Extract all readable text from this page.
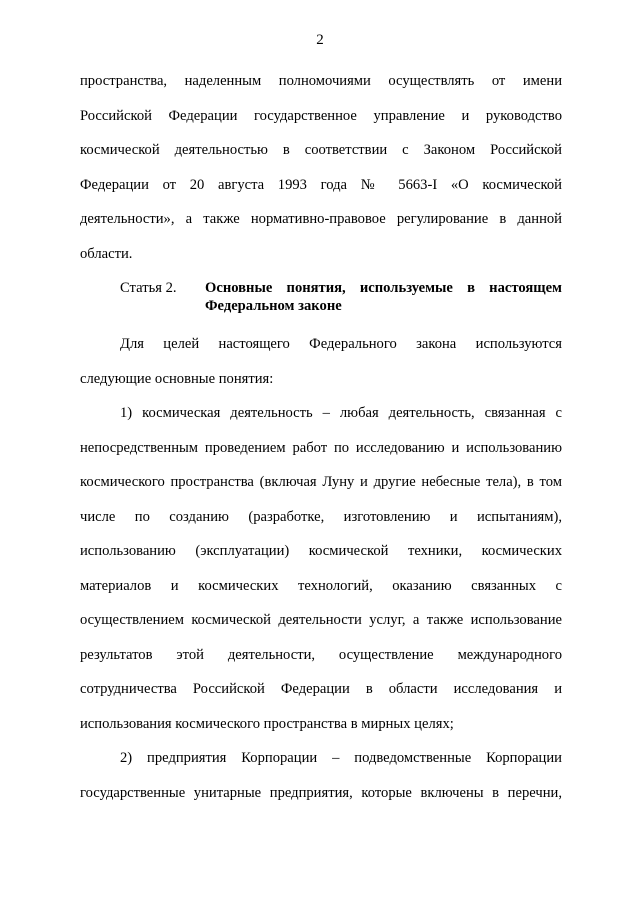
2

пространства, наделенным полномочиями осуществлять от имени

Российской Федерации государственное управление и руководство

космической деятельностью в соответствии с Законом Российской

Федерации от 20 августа 1993 года № 5663-I «О космической

деятельности», а также нормативно-правовое регулирование в данной

области.

Статья 2.	Основные понятия, используемые в настоящем Федеральном законе

Для целей настоящего Федерального закона используются

следующие основные понятия:

1) космическая деятельность – любая деятельность, связанная с

непосредственным проведением работ по исследованию и использованию

космического пространства (включая Луну и другие небесные тела), в том

числе по созданию (разработке, изготовлению и испытаниям),

использованию (эксплуатации) космической техники, космических

материалов и космических технологий, оказанию связанных с

осуществлением космической деятельности услуг, а также использование

результатов этой деятельности, осуществление международного

сотрудничества Российской Федерации в области исследования и

использования космического пространства в мирных целях;

2) предприятия Корпорации – подведомственные Корпорации

государственные унитарные предприятия, которые включены в перечни,
